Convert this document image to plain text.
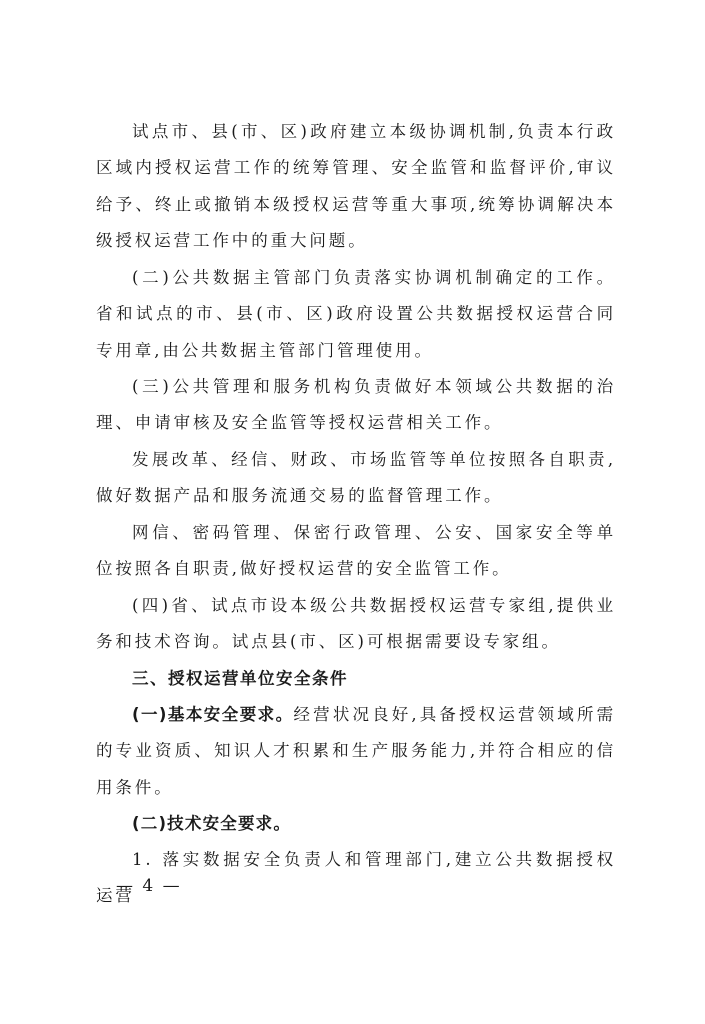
试点市、县(市、区)政府建立本级协调机制,负责本行政区域内授权运营工作的统筹管理、安全监管和监督评价,审议给予、终止或撤销本级授权运营等重大事项,统筹协调解决本级授权运营工作中的重大问题。

(二)公共数据主管部门负责落实协调机制确定的工作。省和试点的市、县(市、区)政府设置公共数据授权运营合同专用章,由公共数据主管部门管理使用。

(三)公共管理和服务机构负责做好本领域公共数据的治理、申请审核及安全监管等授权运营相关工作。

发展改革、经信、财政、市场监管等单位按照各自职责,做好数据产品和服务流通交易的监督管理工作。

网信、密码管理、保密行政管理、公安、国家安全等单位按照各自职责,做好授权运营的安全监管工作。

(四)省、试点市设本级公共数据授权运营专家组,提供业务和技术咨询。试点县(市、区)可根据需要设专家组。

三、授权运营单位安全条件

(一)基本安全要求。经营状况良好,具备授权运营领域所需的专业资质、知识人才积累和生产服务能力,并符合相应的信用条件。

(二)技术安全要求。

1. 落实数据安全负责人和管理部门,建立公共数据授权运营

— 4 —
